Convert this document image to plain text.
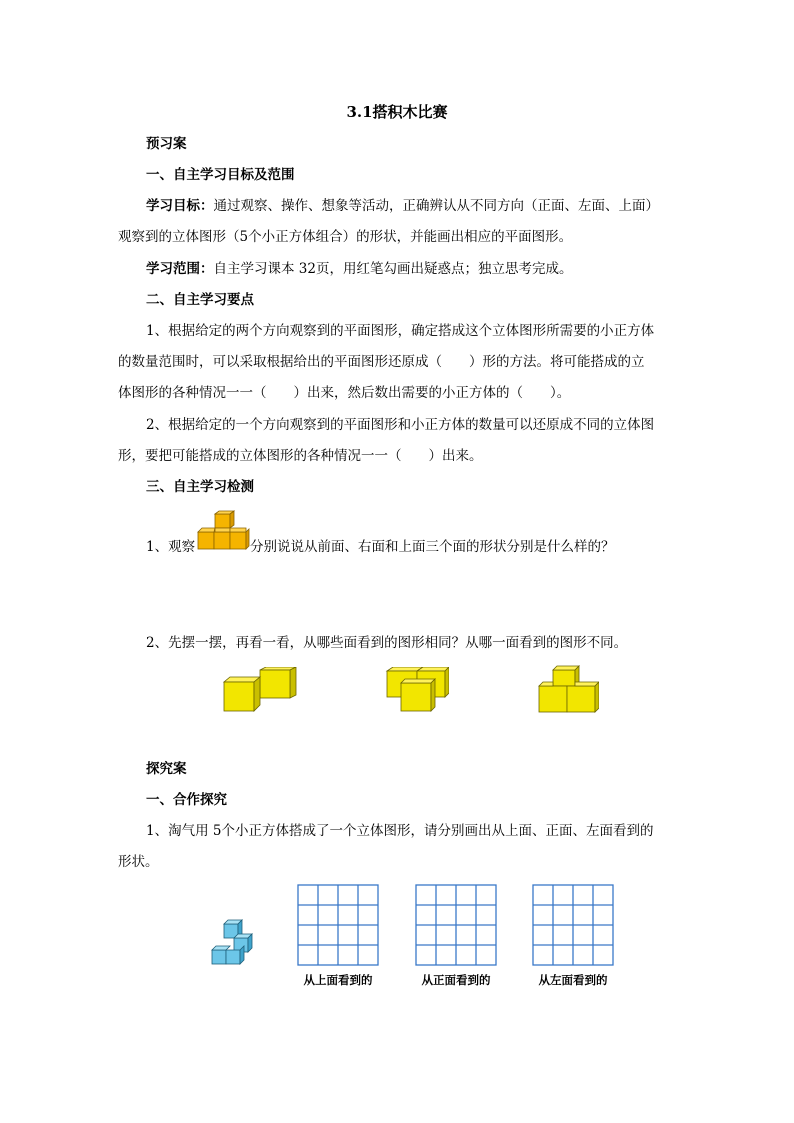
3.1搭积木比赛
预习案
一、自主学习目标及范围
学习目标：通过观察、操作、想象等活动，正确辨认从不同方向（正面、左面、上面）
观察到的立体图形（5个小正方体组合）的形状，并能画出相应的平面图形。
学习范围：自主学习课本 32页，用红笔勾画出疑惑点；独立思考完成。
二、自主学习要点
1、根据给定的两个方向观察到的平面图形，确定搭成这个立体图形所需要的小正方体
的数量范围时，可以采取根据给出的平面图形还原成（　　）形的方法。将可能搭成的立
体图形的各种情况一一（　　）出来，然后数出需要的小正方体的（　　）。
2、根据给定的一个方向观察到的平面图形和小正方体的数量可以还原成不同的立体图
形，要把可能搭成的立体图形的各种情况一一（　　）出来。
三、自主学习检测
1、观察	分别说说从前面、右面和上面三个面的形状分别是什么样的？
2、先摆一摆，再看一看，从哪些面看到的图形相同？从哪一面看到的图形不同。
探究案
一、合作探究
1、淘气用 5个小正方体搭成了一个立体图形，请分别画出从上面、正面、左面看到的
形状。
从上面看到的	从正面看到的	从左面看到的
